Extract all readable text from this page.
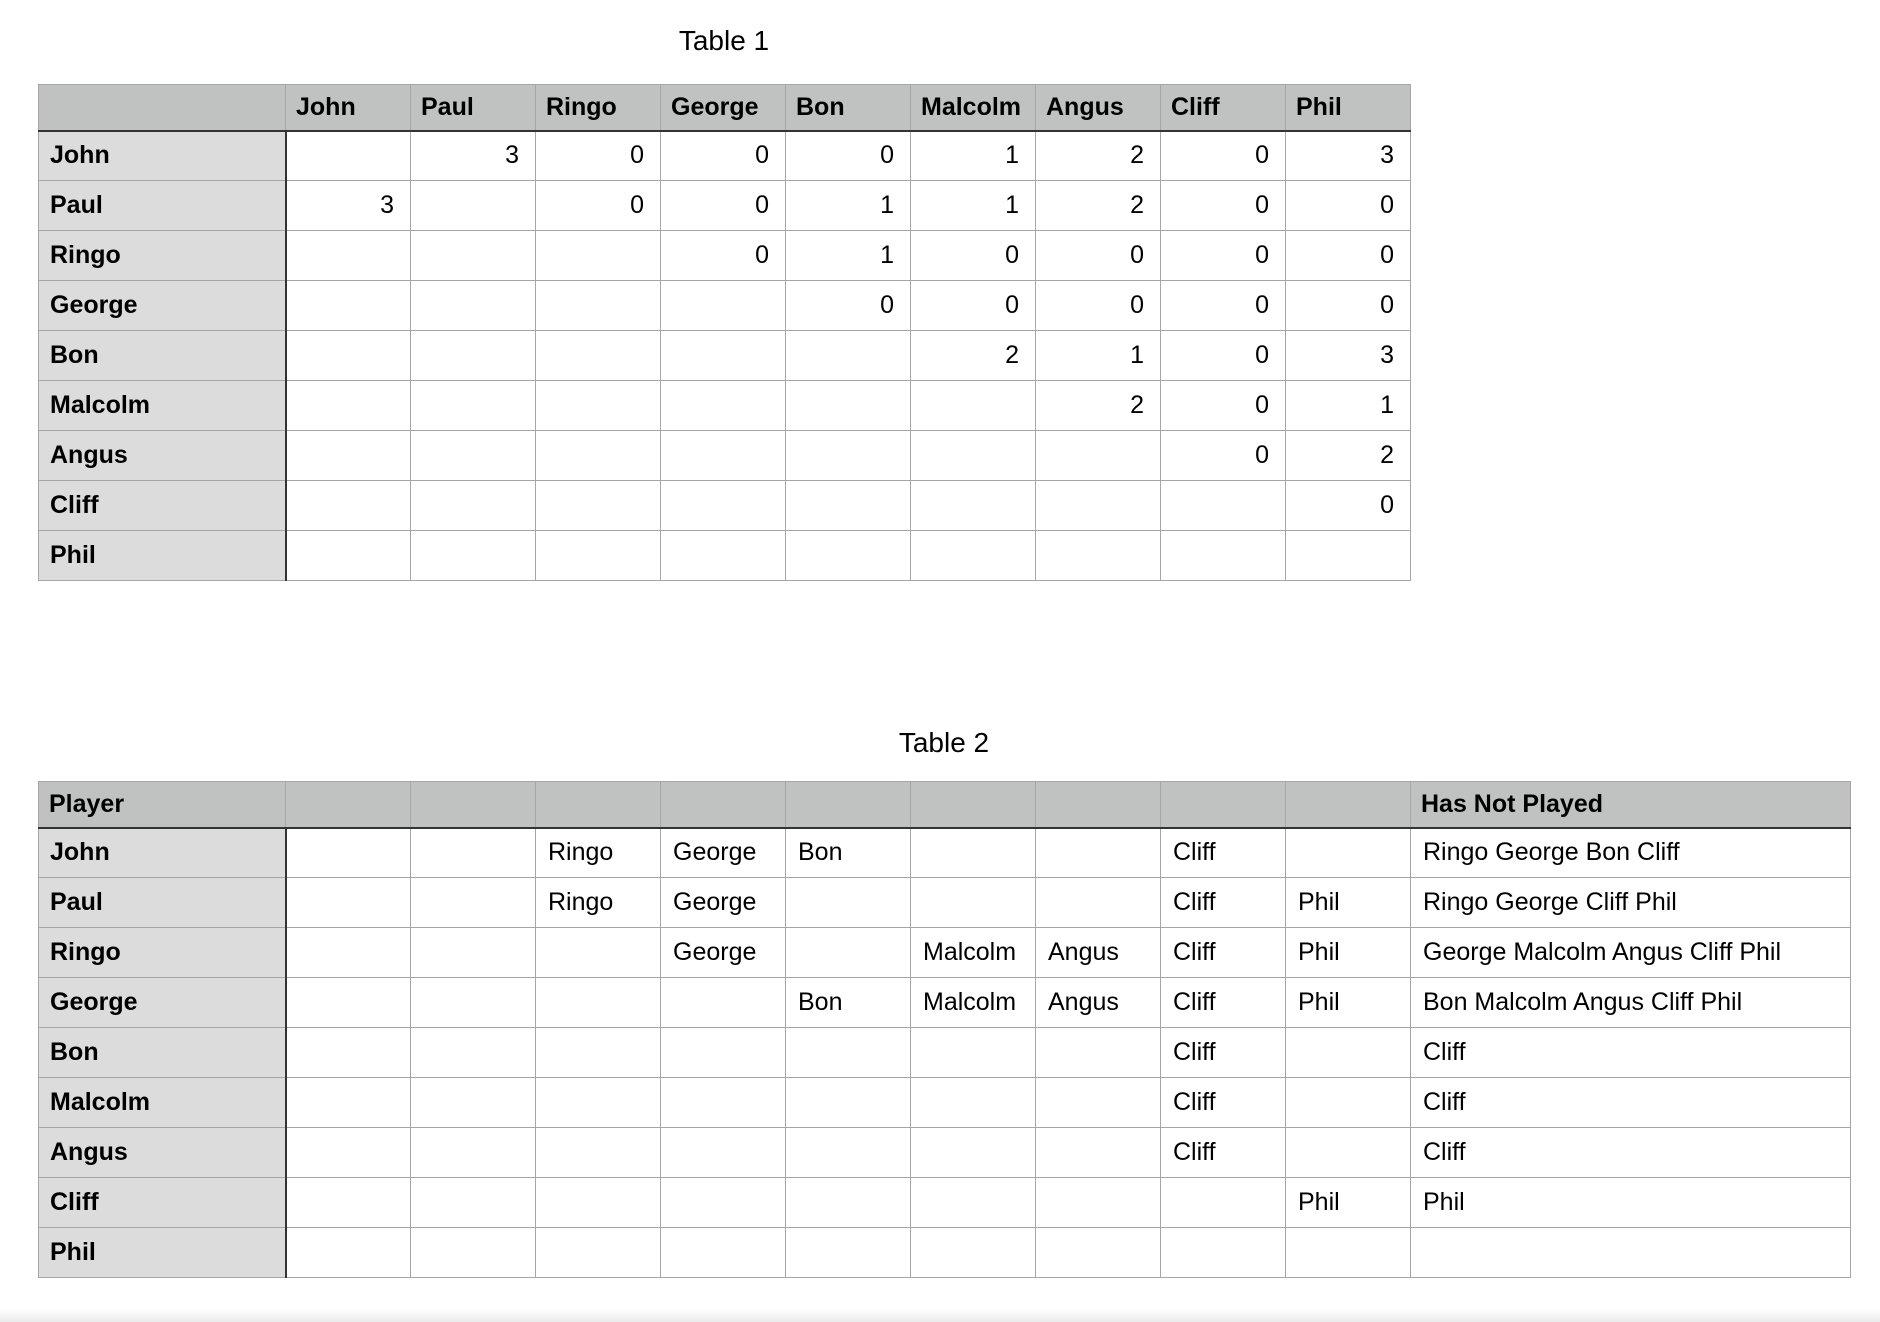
Table 1
	John	Paul	Ringo	George	Bon	Malcolm	Angus	Cliff	Phil
John		3	0	0	0	1	2	0	3
Paul	3		0	0	1	1	2	0	0
Ringo				0	1	0	0	0	0
George					0	0	0	0	0
Bon						2	1	0	3
Malcolm							2	0	1
Angus								0	2
Cliff									0
Phil									
Table 2
Player										Has Not Played
John			Ringo	George	Bon			Cliff		Ringo George Bon Cliff
Paul			Ringo	George				Cliff	Phil	Ringo George Cliff Phil
Ringo				George		Malcolm	Angus	Cliff	Phil	George Malcolm Angus Cliff Phil
George					Bon	Malcolm	Angus	Cliff	Phil	Bon Malcolm Angus Cliff Phil
Bon								Cliff		Cliff
Malcolm								Cliff		Cliff
Angus								Cliff		Cliff
Cliff									Phil	Phil
Phil										
